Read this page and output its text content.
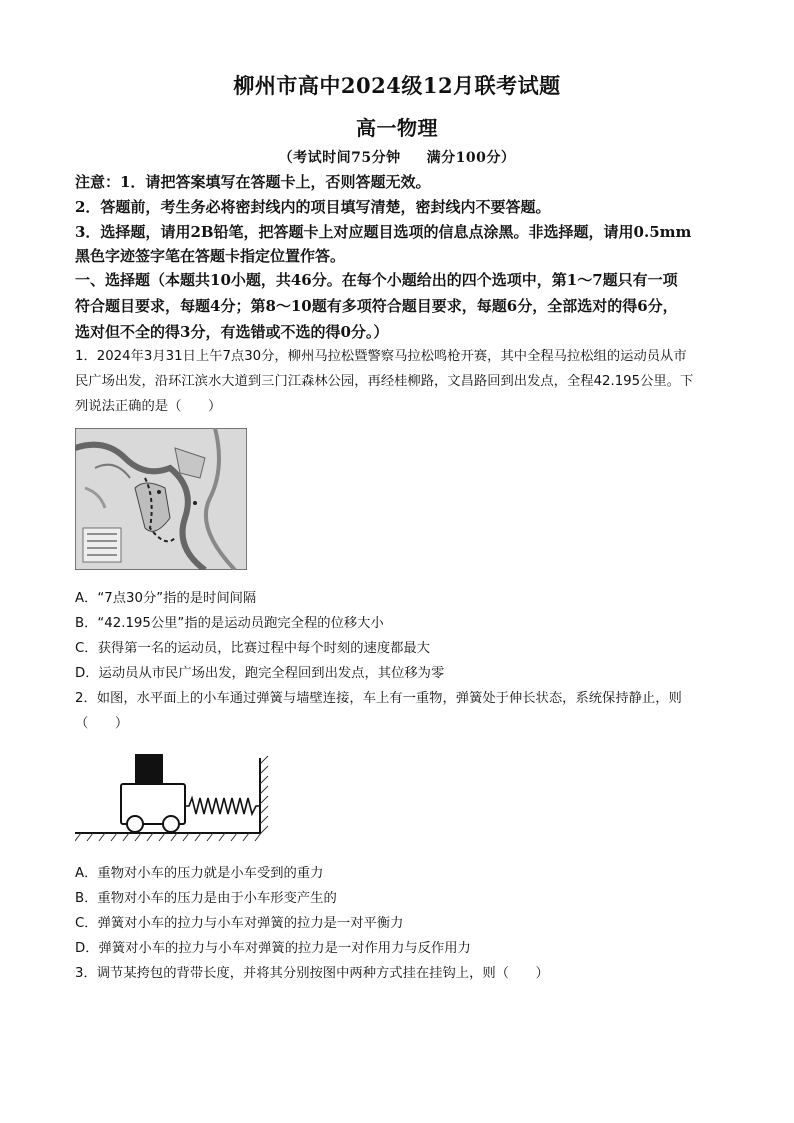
柳州市高中2024级12月联考试题
高一物理
（考试时间75分钟 满分100分）
注意：1．请把答案填写在答题卡上，否则答题无效。
2．答题前，考生务必将密封线内的项目填写清楚，密封线内不要答题。
3．选择题，请用2B铅笔，把答题卡上对应题目选项的信息点涂黑。非选择题，请用0.5mm
黑色字迹签字笔在答题卡指定位置作答。
一、选择题（本题共10小题，共46分。在每个小题给出的四个选项中，第1～7题只有一项
符合题目要求，每题4分；第8～10题有多项符合题目要求，每题6分，全部选对的得6分，
选对但不全的得3分，有选错或不选的得0分。）
1．2024年3月31日上午7点30分，柳州马拉松暨警察马拉松鸣枪开赛，其中全程马拉松组的运动员从市
民广场出发，沿环江滨水大道到三门江森林公园，再经桂柳路，文昌路回到出发点，全程42.195公里。下
列说法正确的是（　　）
A．“7点30分”指的是时间间隔
B．“42.195公里”指的是运动员跑完全程的位移大小
C．获得第一名的运动员，比赛过程中每个时刻的速度都最大
D．运动员从市民广场出发，跑完全程回到出发点，其位移为零
2．如图，水平面上的小车通过弹簧与墙壁连接，车上有一重物，弹簧处于伸长状态，系统保持静止，则
（　　）
A．重物对小车的压力就是小车受到的重力
B．重物对小车的压力是由于小车形变产生的
C．弹簧对小车的拉力与小车对弹簧的拉力是一对平衡力
D．弹簧对小车的拉力与小车对弹簧的拉力是一对作用力与反作用力
3．调节某挎包的背带长度，并将其分别按图中两种方式挂在挂钩上，则（　　）
